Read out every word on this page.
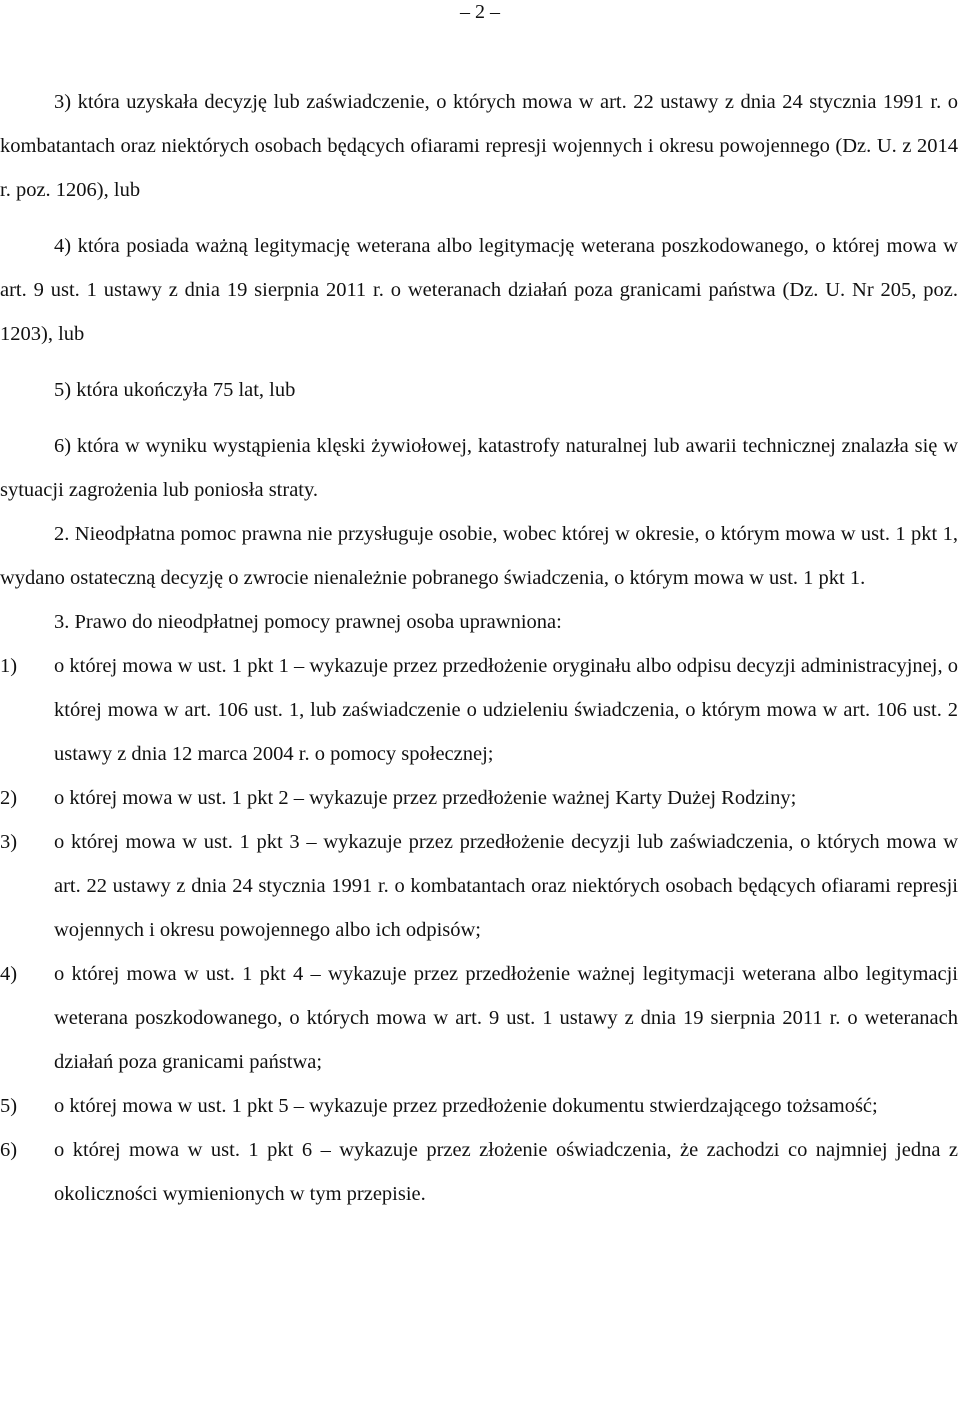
– 2 –

3) która uzyskała decyzję lub zaświadczenie, o których mowa w art. 22 ustawy z dnia 24 stycznia 1991 r. o kombatantach oraz niektórych osobach będących ofiarami represji wojennych i okresu powojennego (Dz. U. z 2014 r. poz. 1206), lub

4) która posiada ważną legitymację weterana albo legitymację weterana poszkodowanego, o której mowa w art. 9 ust. 1 ustawy z dnia 19 sierpnia 2011 r. o weteranach działań poza granicami państwa (Dz. U. Nr 205, poz. 1203), lub

5) która ukończyła 75 lat, lub

6) która w wyniku wystąpienia klęski żywiołowej, katastrofy naturalnej lub awarii technicznej znalazła się w sytuacji zagrożenia lub poniosła straty.

2. Nieodpłatna pomoc prawna nie przysługuje osobie, wobec której w okresie, o którym mowa w ust. 1 pkt 1, wydano ostateczną decyzję o zwrocie nienależnie pobranego świadczenia, o którym mowa w ust. 1 pkt 1.

3. Prawo do nieodpłatnej pomocy prawnej osoba uprawniona:

1)	o której mowa w ust. 1 pkt 1 – wykazuje przez przedłożenie oryginału albo odpisu decyzji administracyjnej, o której mowa w art. 106 ust. 1, lub zaświadczenie o udzieleniu świadczenia, o którym mowa w art. 106 ust. 2 ustawy z dnia 12 marca 2004 r. o pomocy społecznej;
2)	o której mowa w ust. 1 pkt 2 – wykazuje przez przedłożenie ważnej Karty Dużej Rodziny;
3)	o której mowa w ust. 1 pkt 3 – wykazuje przez przedłożenie decyzji lub zaświadczenia, o których mowa w art. 22 ustawy z dnia 24 stycznia 1991 r. o kombatantach oraz niektórych osobach będących ofiarami represji wojennych i okresu powojennego albo ich odpisów;
4)	o której mowa w ust. 1 pkt 4 – wykazuje przez przedłożenie ważnej legitymacji weterana albo legitymacji weterana poszkodowanego, o których mowa w art. 9 ust. 1 ustawy z dnia 19 sierpnia 2011 r. o weteranach działań poza granicami państwa;
5)	o której mowa w ust. 1 pkt 5 – wykazuje przez przedłożenie dokumentu stwierdzającego tożsamość;
6)	o której mowa w ust. 1 pkt 6 – wykazuje przez złożenie oświadczenia, że zachodzi co najmniej jedna z okoliczności wymienionych w tym przepisie.
